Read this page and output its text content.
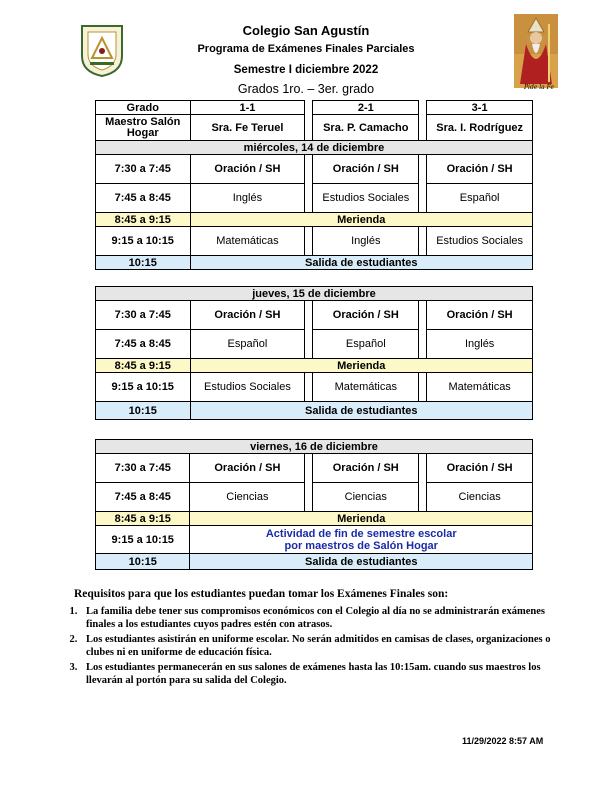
Pide la Fe
Colegio San Agustín
Programa de Exámenes Finales Parciales
Semestre I diciembre 2022
Grados 1ro. – 3er. grado
Grado	1-1		2-1		3-1
Maestro Salón Hogar	Sra. Fe Teruel		Sra. P. Camacho		Sra. I. Rodríguez
miércoles, 14 de diciembre					
7:30 a 7:45	Oración / SH		Oración / SH		Oración / SH
7:45 a 8:45	Inglés		Estudios Sociales		Español
8:45 a 9:15	Merienda				
9:15 a 10:15	Matemáticas		Inglés		Estudios Sociales
10:15	Salida de estudiantes				
jueves, 15 de diciembre					
7:30 a 7:45	Oración / SH		Oración / SH		Oración / SH
7:45 a 8:45	Español		Español		Inglés
8:45 a 9:15	Merienda				
9:15 a 10:15	Estudios Sociales		Matemáticas		Matemáticas
10:15	Salida de estudiantes				
viernes, 16 de diciembre					
7:30 a 7:45	Oración / SH		Oración / SH		Oración / SH
7:45 a 8:45	Ciencias		Ciencias		Ciencias
8:45 a 9:15	Merienda				
9:15 a 10:15	Actividad de fin de semestre escolar
por maestros de Salón Hogar				

10:15	Salida de estudiantes				
Requisitos para que los estudiantes puedan tomar los Exámenes Finales son:
1. La familia debe tener sus compromisos económicos con el Colegio al día no se administrarán exámenes finales a los estudiantes cuyos padres estén con atrasos.
2. Los estudiantes asistirán en uniforme escolar. No serán admitidos en camisas de clases, organizaciones o clubes ni en uniforme de educación física.
3. Los estudiantes permanecerán en sus salones de exámenes hasta las 10:15am. cuando sus maestros los llevarán al portón para su salida del Colegio.
11/29/2022 8:57 AM
